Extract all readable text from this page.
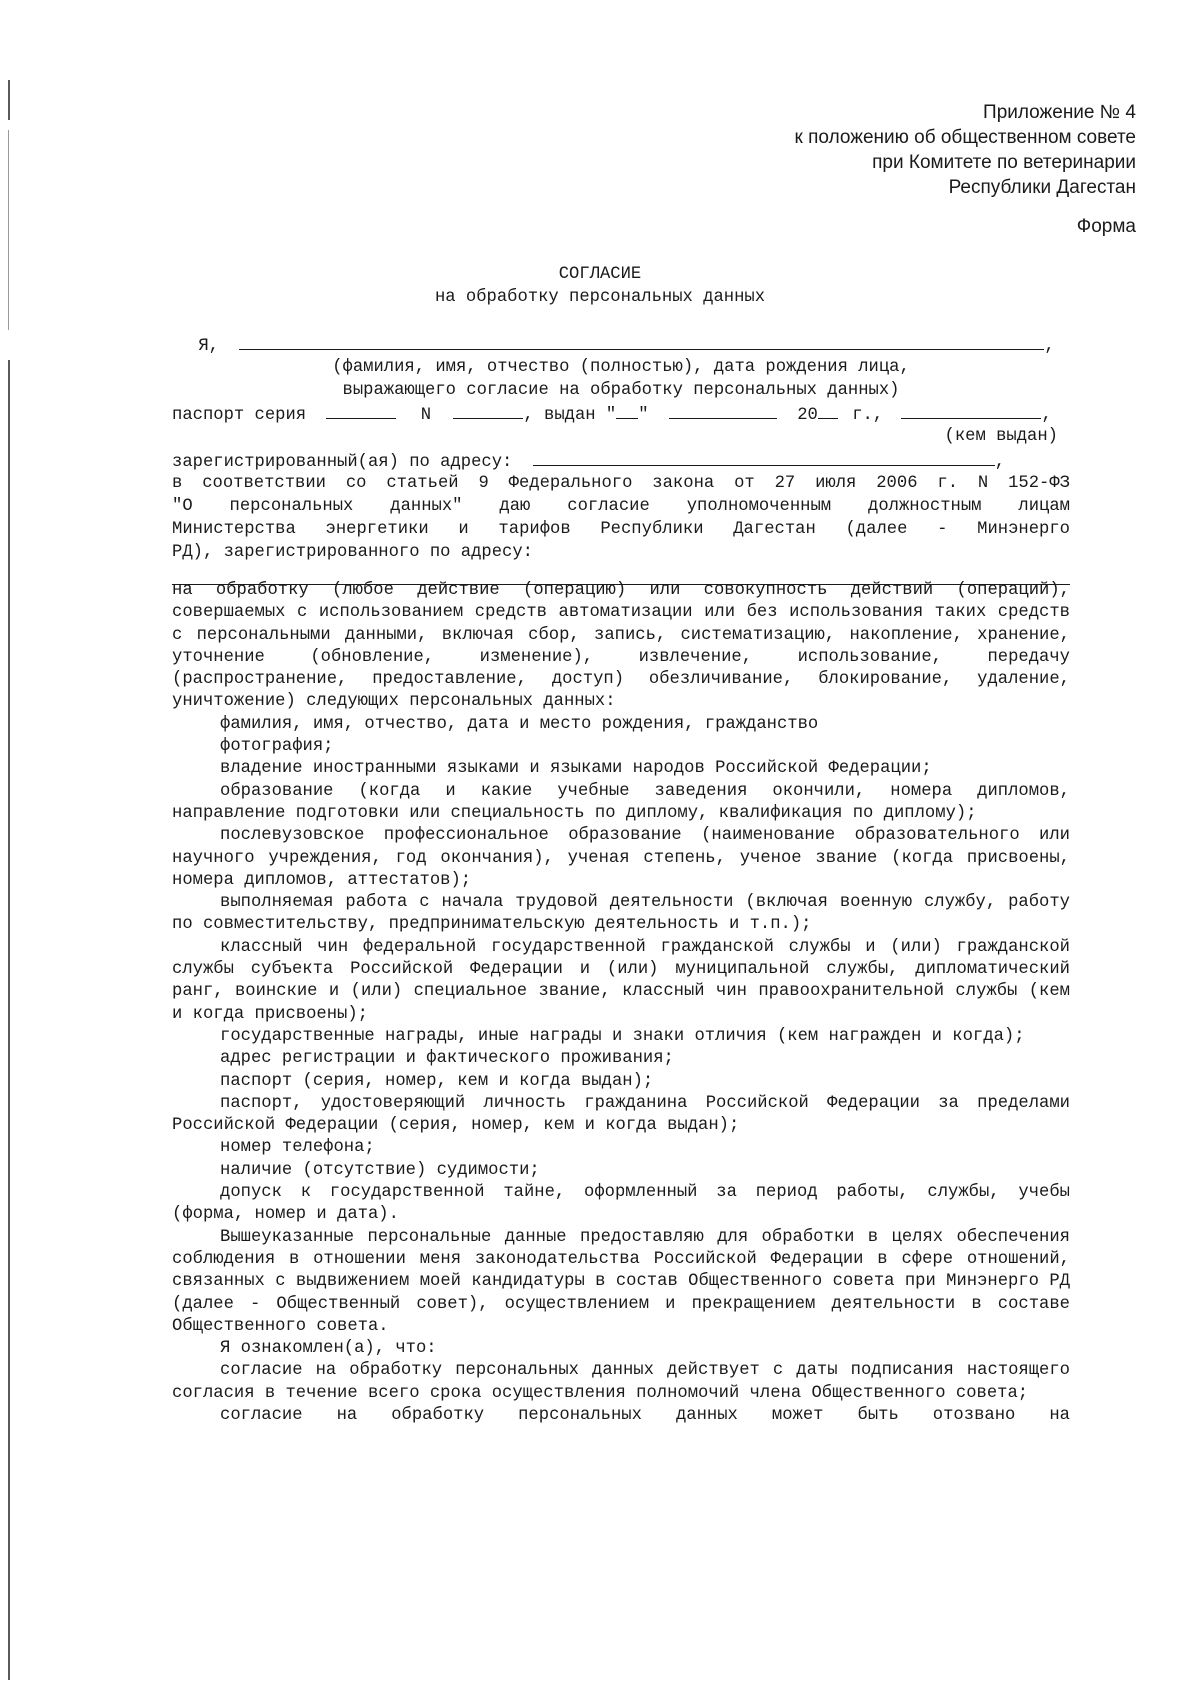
Приложение № 4
к положению об общественном совете
при Комитете по ветеринарии
Республики Дагестан
Форма
СОГЛАСИЕ
на обработку персональных данных
Я,	,
(фамилия, имя, отчество (полностью), дата рождения лица,
выражающего согласие на обработку персональных данных)
паспорт серия	N	, выдан " "	20 г.,	,
(кем выдан)
зарегистрированный(ая) по адресу:	,
в соответствии со статьей 9 Федерального закона от 27 июля 2006 г. N 152-ФЗ
"О персональных данных" даю согласие уполномоченным должностным лицам
Министерства энергетики и тарифов Республики Дагестан (далее - Минэнерго
РД), зарегистрированного по адресу:
на обработку (любое действие (операцию) или совокупность действий (операций), совершаемых с использованием средств автоматизации или без использования таких средств с персональными данными, включая сбор, запись, систематизацию, накопление, хранение, уточнение (обновление, изменение), извлечение, использование, передачу (распространение, предоставление, доступ) обезличивание, блокирование, удаление, уничтожение) следующих персональных данных:
фамилия, имя, отчество, дата и место рождения, гражданство
фотография;
владение иностранными языками и языками народов Российской Федерации;
образование (когда и какие учебные заведения окончили, номера дипломов, направление подготовки или специальность по диплому, квалификация по диплому);
послевузовское профессиональное образование (наименование образовательного или научного учреждения, год окончания), ученая степень, ученое звание (когда присвоены, номера дипломов, аттестатов);
выполняемая работа с начала трудовой деятельности (включая военную службу, работу по совместительству, предпринимательскую деятельность и т.п.);
классный чин федеральной государственной гражданской службы и (или) гражданской службы субъекта Российской Федерации и (или) муниципальной службы, дипломатический ранг, воинские и (или) специальное звание, классный чин правоохранительной службы (кем и когда присвоены);
государственные награды, иные награды и знаки отличия (кем награжден и когда);
адрес регистрации и фактического проживания;
паспорт (серия, номер, кем и когда выдан);
паспорт, удостоверяющий личность гражданина Российской Федерации за пределами Российской Федерации (серия, номер, кем и когда выдан);
номер телефона;
наличие (отсутствие) судимости;
допуск к государственной тайне, оформленный за период работы, службы, учебы (форма, номер и дата).
Вышеуказанные персональные данные предоставляю для обработки в целях обеспечения соблюдения в отношении меня законодательства Российской Федерации в сфере отношений, связанных с выдвижением моей кандидатуры в состав Общественного совета при Минэнерго РД (далее - Общественный совет), осуществлением и прекращением деятельности в составе Общественного совета.
Я ознакомлен(а), что:
согласие на обработку персональных данных действует с даты подписания настоящего согласия в течение всего срока осуществления полномочий члена Общественного совета;
согласие на обработку персональных данных может быть отозвано на
